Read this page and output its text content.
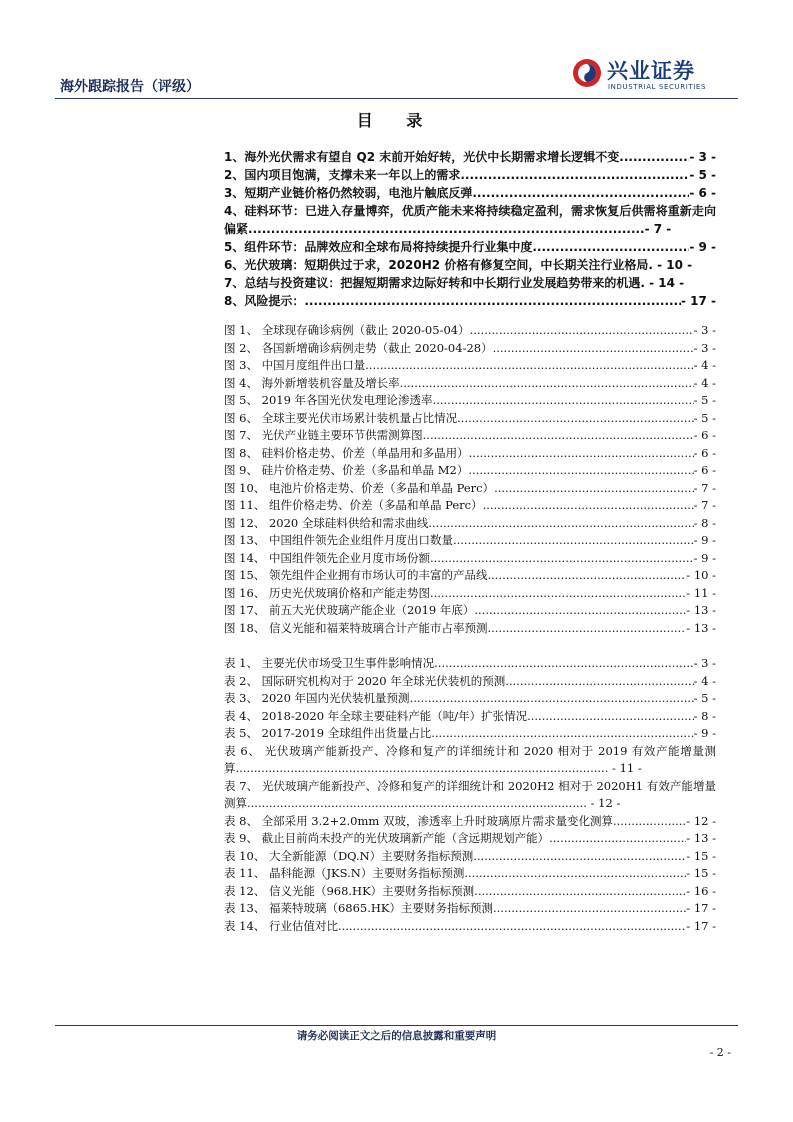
海外跟踪报告（评级）
兴业证券
INDUSTRIAL SECURITIES
目 录
1、海外光伏需求有望自 Q2 末前开始好转，光伏中长期需求增长逻辑不变 .....	- 3 -
2、国内项目饱满，支撑未来一年以上的需求 .....	- 5 -
3、短期产业链价格仍然较弱，电池片触底反弹 .....	- 6 -
4、硅料环节：已进入存量博弈，优质产能未来将持续稳定盈利，需求恢复后供需将重新走向偏紧.......................................................................................- 7 -
5、组件环节：品牌效应和全球布局将持续提升行业集中度 .....	- 9 -
6、光伏玻璃：短期供过于求，2020H2 价格有修复空间，中长期关注行业格局. - 10 -
7、总结与投资建议：把握短期需求边际好转和中长期行业发展趋势带来的机遇. - 14 -
8、风险提示： .....	- 17 -
图 1、 全球现存确诊病例（截止 2020-05-04） .....	- 3 -
图 2、 各国新增确诊病例走势（截止 2020-04-28） .....	- 3 -
图 3、 中国月度组件出口量 .....	- 4 -
图 4、 海外新增装机容量及增长率 .....	- 4 -
图 5、 2019 年各国光伏发电理论渗透率 .....	- 5 -
图 6、 全球主要光伏市场累计装机量占比情况 .....	- 5 -
图 7、 光伏产业链主要环节供需测算图 .....	- 6 -
图 8、 硅料价格走势、价差（单晶用和多晶用） .....	- 6 -
图 9、 硅片价格走势、价差（多晶和单晶 M2） .....	- 6 -
图 10、 电池片价格走势、价差（多晶和单晶 Perc） .....	- 7 -
图 11、 组件价格走势、价差（多晶和单晶 Perc） .....	- 7 -
图 12、 2020 全球硅料供给和需求曲线 .....	- 8 -
图 13、 中国组件领先企业组件月度出口数量 .....	- 9 -
图 14、 中国组件领先企业月度市场份额 .....	- 9 -
图 15、 领先组件企业拥有市场认可的丰富的产品线 .....	- 10 -
图 16、 历史光伏玻璃价格和产能走势图 .....	- 11 -
图 17、 前五大光伏玻璃产能企业（2019 年底） .....	- 13 -
图 18、 信义光能和福莱特玻璃合计产能市占率预测 .....	- 13 -
表 1、 主要光伏市场受卫生事件影响情况 .....	- 3 -
表 2、 国际研究机构对于 2020 年全球光伏装机的预测 .....	- 4 -
表 3、 2020 年国内光伏装机量预测 .....	- 5 -
表 4、 2018-2020 年全球主要硅料产能（吨/年）扩张情况 .....	- 8 -
表 5、 2017-2019 全球组件出货量占比 .....	- 9 -
表 6、 光伏玻璃产能新投产、冷修和复产的详细统计和 2020 相对于 2019 有效产能增量测算...................................................................................................... - 11 -
表 7、 光伏玻璃产能新投产、冷修和复产的详细统计和 2020H2 相对于 2020H1 有效产能增量测算............................................................................................. - 12 -
表 8、 全部采用 3.2+2.0mm 双玻，渗透率上升时玻璃原片需求量变化测算 .....	- 12 -
表 9、 截止目前尚未投产的光伏玻璃新产能（含远期规划产能） .....	- 13 -
表 10、 大全新能源（DQ.N）主要财务指标预测 .....	- 15 -
表 11、 晶科能源（JKS.N）主要财务指标预测 .....	- 15 -
表 12、 信义光能（968.HK）主要财务指标预测 .....	- 16 -
表 13、 福莱特玻璃（6865.HK）主要财务指标预测 .....	- 17 -
表 14、 行业估值对比 .....	- 17 -
请务必阅读正文之后的信息披露和重要声明
- 2 -
